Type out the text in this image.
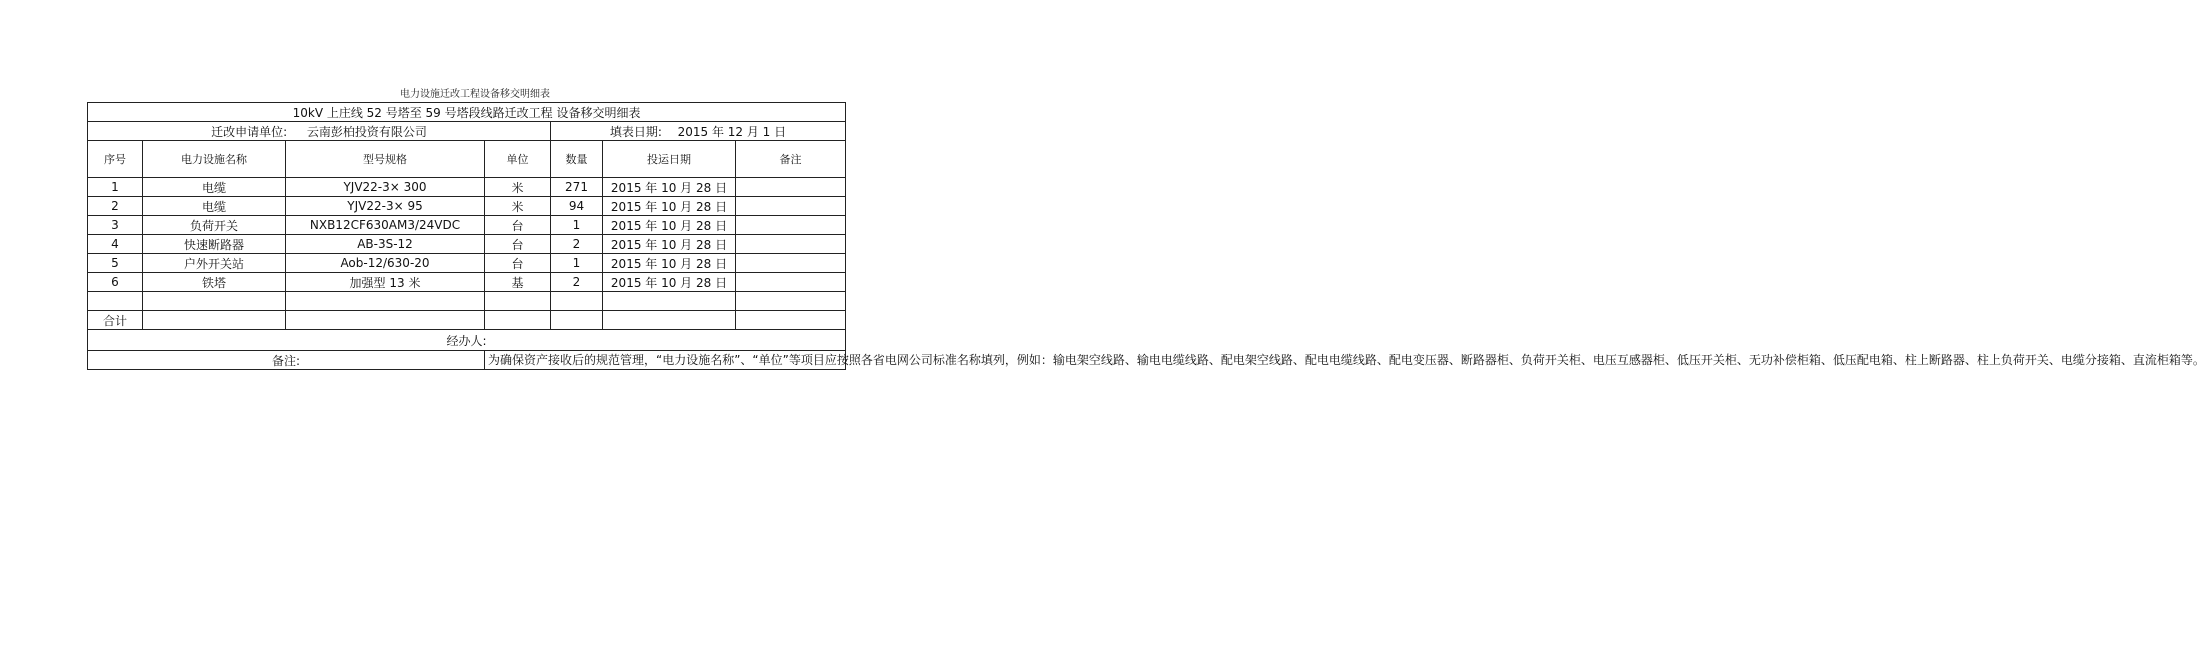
电力设施迁改工程设备移交明细表
10kV 上庄线 52 号塔至 59 号塔段线路迁改工程 设备移交明细表						
迁改申请单位: 云南彭柏投资有限公司				填表日期: 2015 年 12 月 1 日		
序号	电力设施名称	型号规格	单位	数量	投运日期	备注
1	电缆	YJV22-3× 300	米	271	2015 年 10 月 28 日	
2	电缆	YJV22-3× 95	米	94	2015 年 10 月 28 日	
3	负荷开关	NXB12CF630AM3/24VDC	台	1	2015 年 10 月 28 日	
4	快速断路器	AB-3S-12	台	2	2015 年 10 月 28 日	
5	户外开关站	Aob-12/630-20	台	1	2015 年 10 月 28 日	
6	铁塔	加强型 13 米	基	2	2015 年 10 月 28 日	

合计						
经办人:						
备注:			为确保资产接收后的规范管理，“电力设施名称”、“单位”等项目应按照各省电网公司标准名称填列，例如：输电架空线路、输电电缆线路、配电架空线路、配电电缆线路、配电变压器、断路器柜、负荷开关柜、电压互感器柜、低压开关柜、无功补偿柜箱、低压配电箱、柱上断路器、柱上负荷开关、电缆分接箱、直流柜箱等。			
